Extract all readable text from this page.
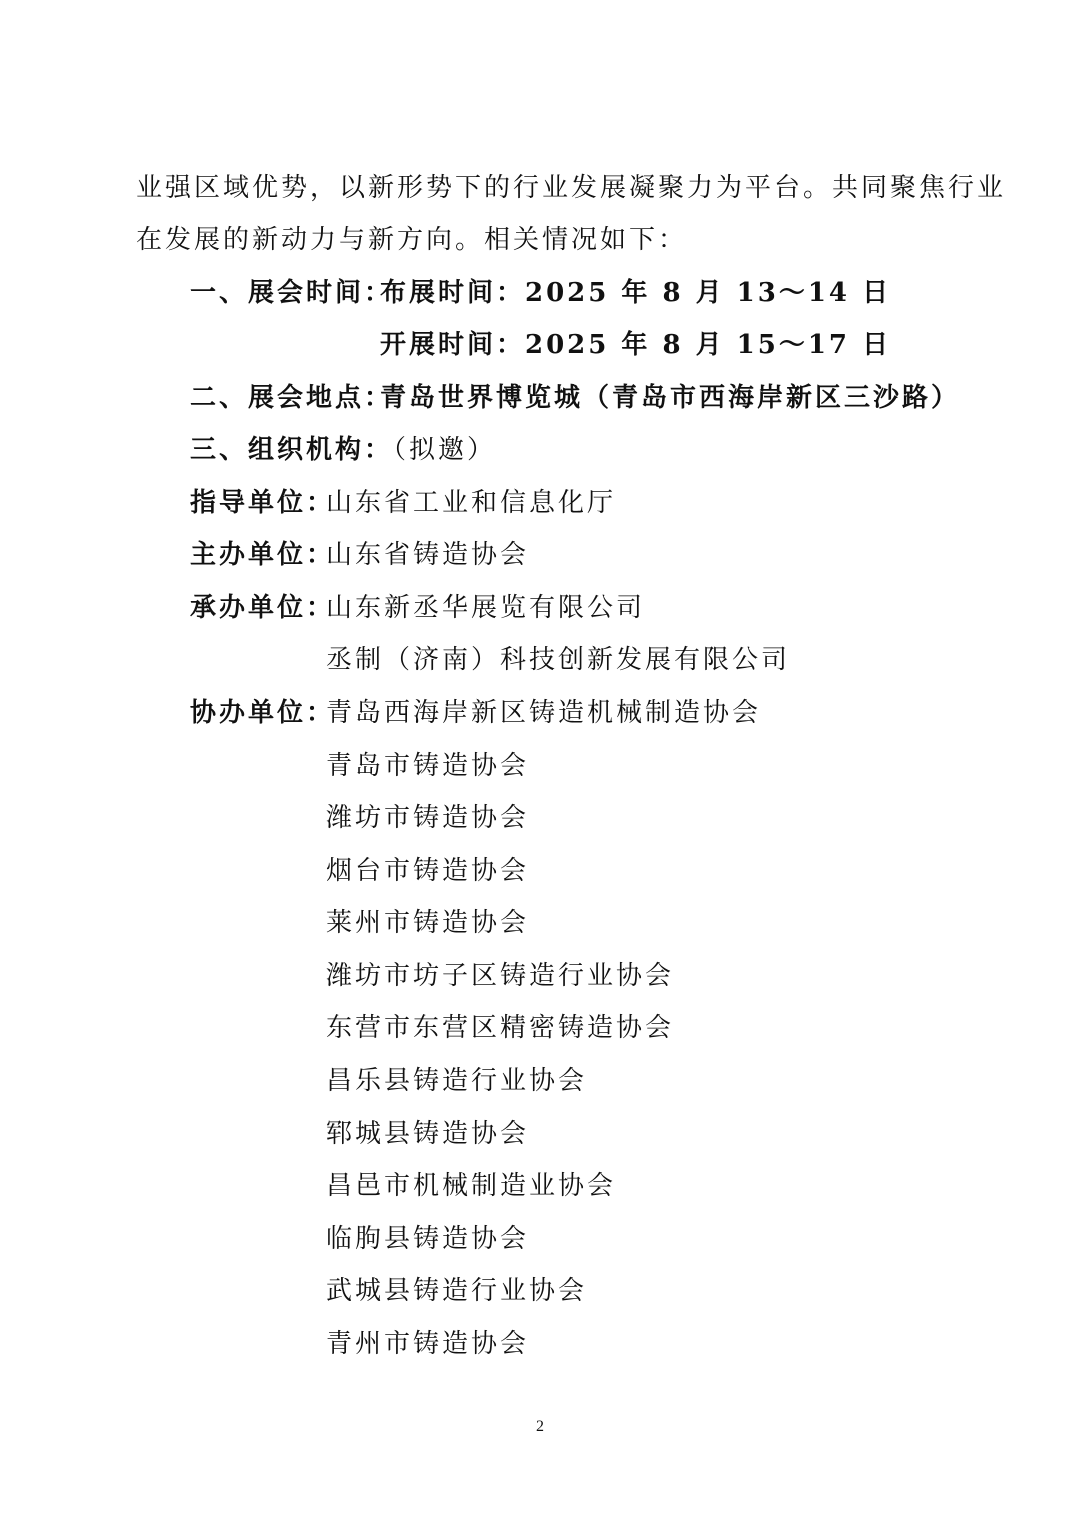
业强区域优势，以新形势下的行业发展凝聚力为平台。共同聚焦行业
在发展的新动力与新方向。相关情况如下：
一、展会时间：
布展时间：2025 年 8 月 13～14 日
开展时间：2025 年 8 月 15～17 日
二、展会地点：
青岛世界博览城（青岛市西海岸新区三沙路）
三、组织机构：
（拟邀）
指导单位：
山东省工业和信息化厅
主办单位：
山东省铸造协会
承办单位：
山东新丞华展览有限公司
丞制（济南）科技创新发展有限公司
协办单位：
青岛西海岸新区铸造机械制造协会
青岛市铸造协会
潍坊市铸造协会
烟台市铸造协会
莱州市铸造协会
潍坊市坊子区铸造行业协会
东营市东营区精密铸造协会
昌乐县铸造行业协会
郓城县铸造协会
昌邑市机械制造业协会
临朐县铸造协会
武城县铸造行业协会
青州市铸造协会
2
